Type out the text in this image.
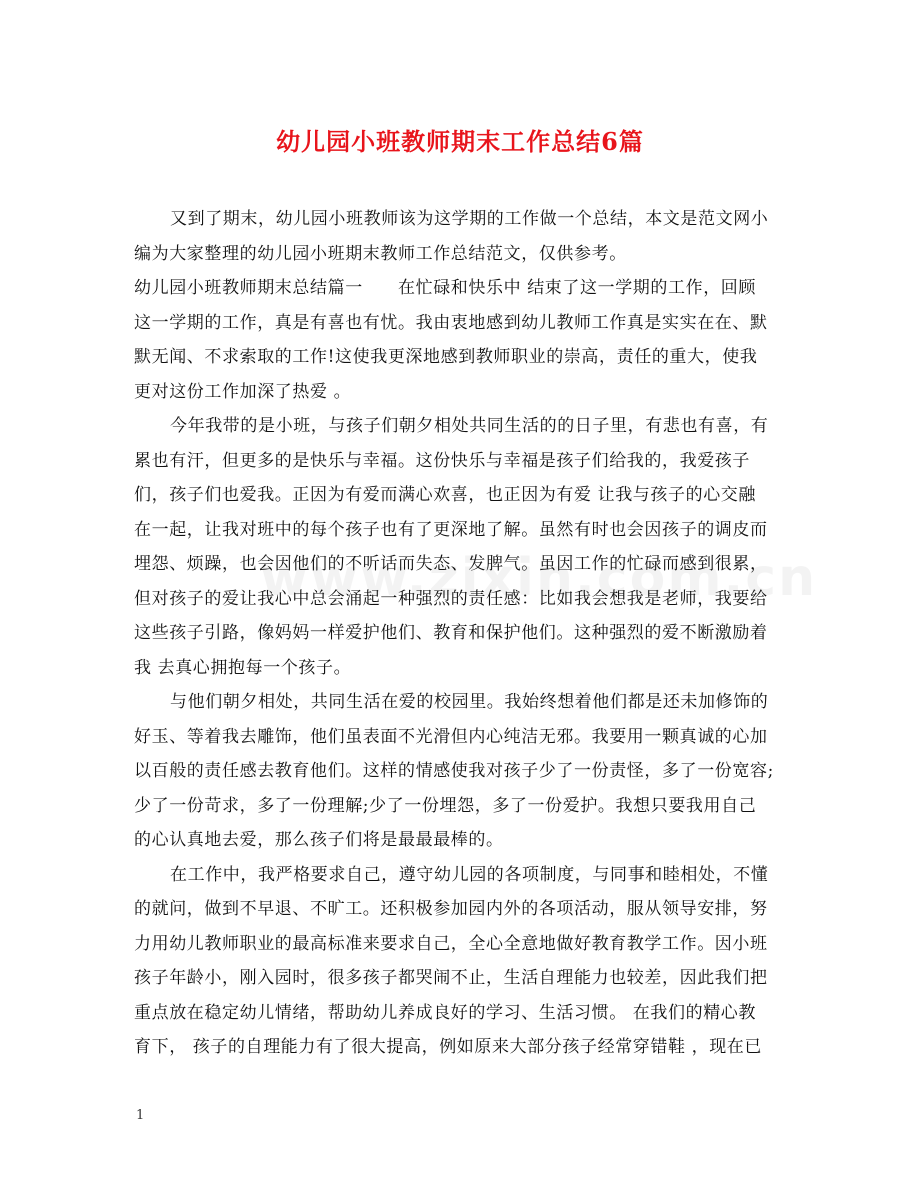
幼儿园小班教师期末工作总结6篇
又到了期末，幼儿园小班教师该为这学期的工作做一个总结，本文是范文网小
编为大家整理的幼儿园小班期末教师工作总结范文，仅供参考。
幼儿园小班教师期末总结篇一　　在忙碌和快乐中 结束了这一学期的工作，回顾
这一学期的工作，真是有喜也有忧。我由衷地感到幼儿教师工作真是实实在在、默
默无闻、不求索取的工作!这使我更深地感到教师职业的崇高，责任的重大，使我
更对这份工作加深了热爱 。
今年我带的是小班，与孩子们朝夕相处共同生活的的日子里，有悲也有喜，有
累也有汗，但更多的是快乐与幸福。这份快乐与幸福是孩子们给我的，我爱孩子
们，孩子们也爱我。正因为有爱而满心欢喜，也正因为有爱 让我与孩子的心交融
在一起，让我对班中的每个孩子也有了更深地了解。虽然有时也会因孩子的调皮而
埋怨、烦躁，也会因他们的不听话而失态、发脾气。虽因工作的忙碌而感到很累，
但对孩子的爱让我心中总会涌起一种强烈的责任感：比如我会想我是老师，我要给
这些孩子引路，像妈妈一样爱护他们、教育和保护他们。这种强烈的爱不断激励着
我 去真心拥抱每一个孩子。
与他们朝夕相处，共同生活在爱的校园里。我始终想着他们都是还未加修饰的
好玉、等着我去雕饰，他们虽表面不光滑但内心纯洁无邪。我要用一颗真诚的心加
以百般的责任感去教育他们。这样的情感使我对孩子少了一份责怪，多了一份宽容;
少了一份苛求，多了一份理解;少了一份埋怨，多了一份爱护。我想只要我用自己
的心认真地去爱，那么孩子们将是最最最棒的。
在工作中，我严格要求自己，遵守幼儿园的各项制度，与同事和睦相处，不懂
的就问，做到不早退、不旷工。还积极参加园内外的各项活动，服从领导安排，努
力用幼儿教师职业的最高标准来要求自己，全心全意地做好教育教学工作。因小班
孩子年龄小，刚入园时，很多孩子都哭闹不止，生活自理能力也较差，因此我们把
重点放在稳定幼儿情绪，帮助幼儿养成良好的学习、生活习惯。 在我们的精心教
育下， 孩子的自理能力有了很大提高，例如原来大部分孩子经常穿错鞋 ，现在已
1
